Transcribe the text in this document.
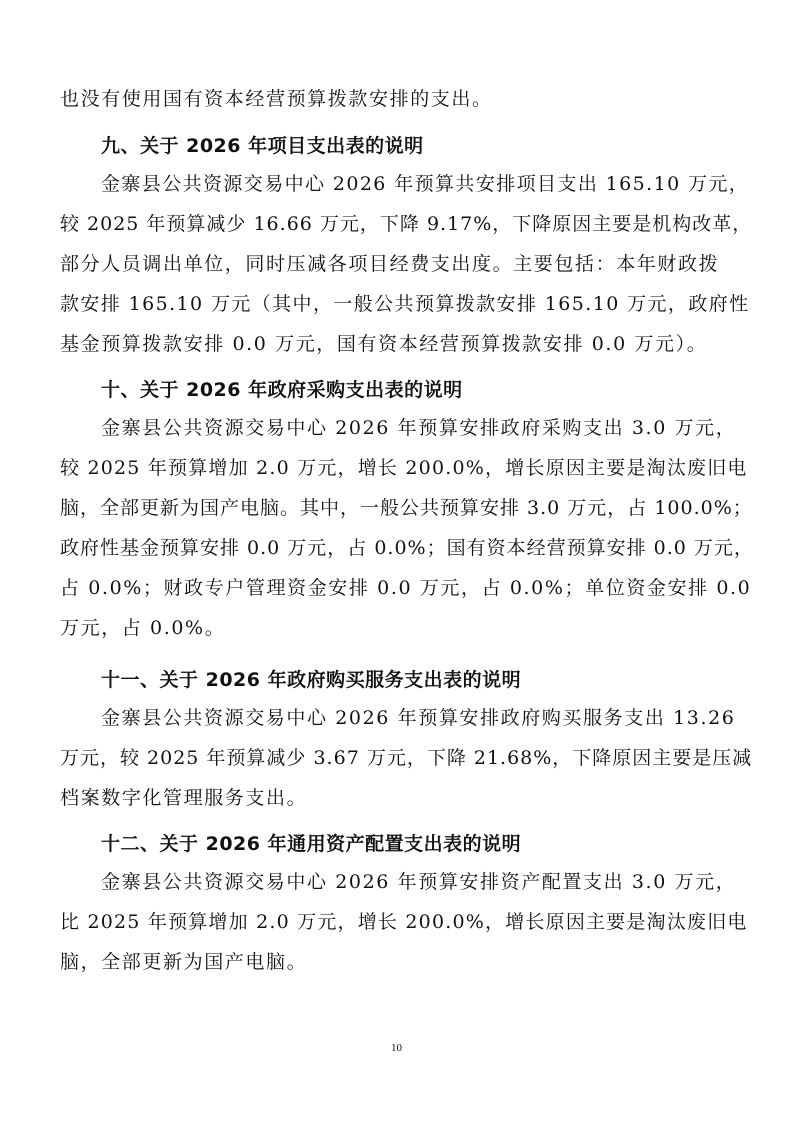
也没有使用国有资本经营预算拨款安排的支出。
九、关于 2026 年项目支出表的说明
金寨县公共资源交易中心 2026 年预算共安排项目支出 165.10 万元，
较 2025 年预算减少 16.66 万元，下降 9.17%，下降原因主要是机构改革，
部分人员调出单位，同时压减各项目经费支出度。主要包括：本年财政拨
款安排 165.10 万元（其中，一般公共预算拨款安排 165.10 万元，政府性
基金预算拨款安排 0.0 万元，国有资本经营预算拨款安排 0.0 万元）。
十、关于 2026 年政府采购支出表的说明
金寨县公共资源交易中心 2026 年预算安排政府采购支出 3.0 万元，
较 2025 年预算增加 2.0 万元，增长 200.0%，增长原因主要是淘汰废旧电
脑，全部更新为国产电脑。其中，一般公共预算安排 3.0 万元，占 100.0%；
政府性基金预算安排 0.0 万元，占 0.0%；国有资本经营预算安排 0.0 万元，
占 0.0%；财政专户管理资金安排 0.0 万元，占 0.0%；单位资金安排 0.0
万元，占 0.0%。
十一、关于 2026 年政府购买服务支出表的说明
金寨县公共资源交易中心 2026 年预算安排政府购买服务支出 13.26
万元，较 2025 年预算减少 3.67 万元，下降 21.68%，下降原因主要是压减
档案数字化管理服务支出。
十二、关于 2026 年通用资产配置支出表的说明
金寨县公共资源交易中心 2026 年预算安排资产配置支出 3.0 万元，
比 2025 年预算增加 2.0 万元，增长 200.0%，增长原因主要是淘汰废旧电
脑，全部更新为国产电脑。
10
